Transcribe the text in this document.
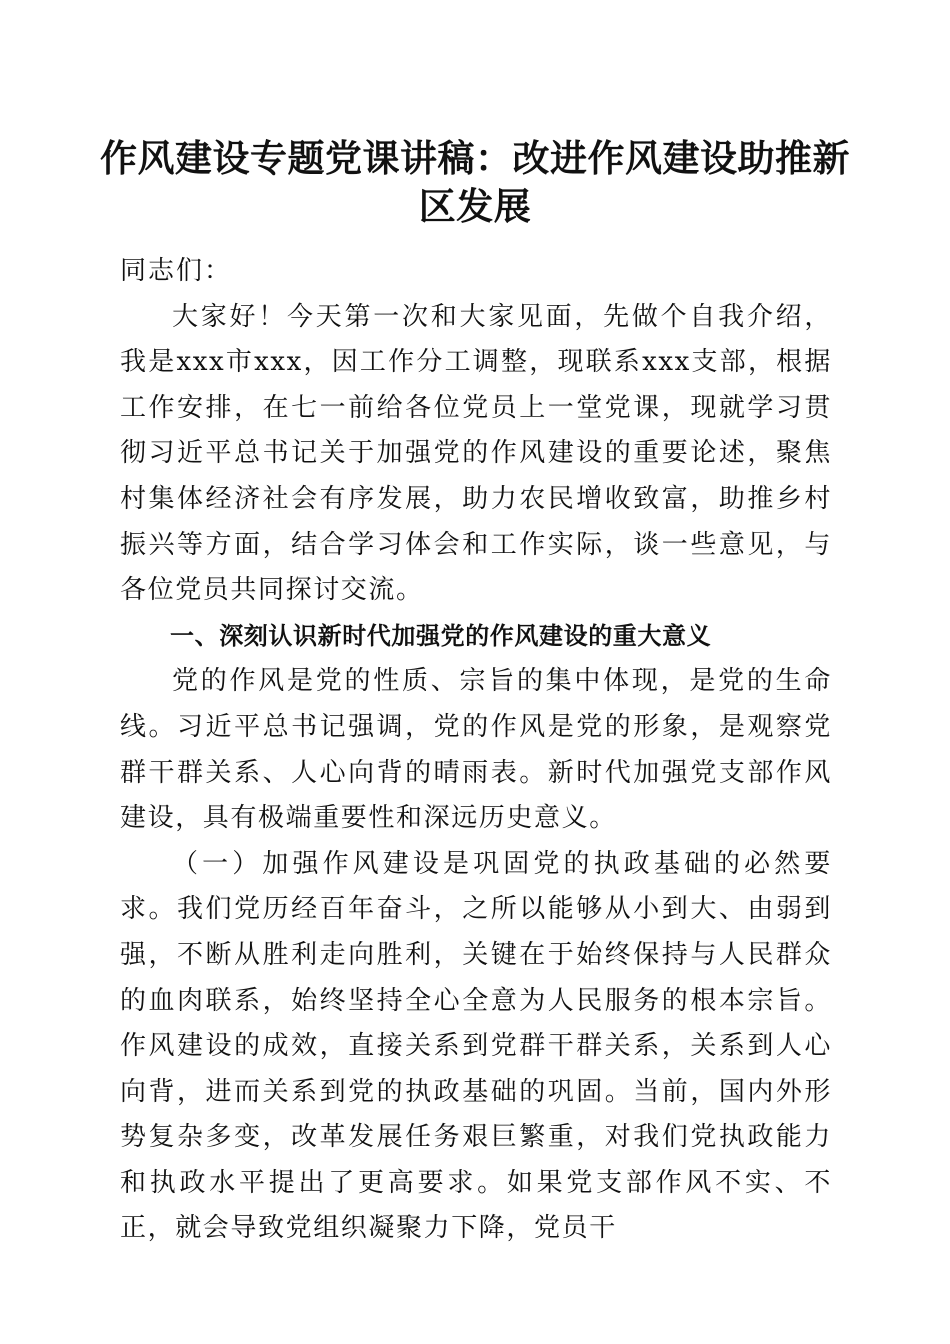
作风建设专题党课讲稿：改进作风建设助推新
区发展

同志们：

大家好！今天第一次和大家见面，先做个自我介绍，我是xxx市xxx，因工作分工调整，现联系xxx支部，根据工作安排，在七一前给各位党员上一堂党课，现就学习贯彻习近平总书记关于加强党的作风建设的重要论述，聚焦村集体经济社会有序发展，助力农民增收致富，助推乡村振兴等方面，结合学习体会和工作实际，谈一些意见，与各位党员共同探讨交流。

一、深刻认识新时代加强党的作风建设的重大意义

党的作风是党的性质、宗旨的集中体现，是党的生命线。习近平总书记强调，党的作风是党的形象，是观察党群干群关系、人心向背的晴雨表。新时代加强党支部作风建设，具有极端重要性和深远历史意义。

（一）加强作风建设是巩固党的执政基础的必然要求。我们党历经百年奋斗，之所以能够从小到大、由弱到强，不断从胜利走向胜利，关键在于始终保持与人民群众的血肉联系，始终坚持全心全意为人民服务的根本宗旨。作风建设的成效，直接关系到党群干群关系，关系到人心向背，进而关系到党的执政基础的巩固。当前，国内外形势复杂多变，改革发展任务艰巨繁重，对我们党执政能力和执政水平提出了更高要求。如果党支部作风不实、不正，就会导致党组织凝聚力下降，党员干
